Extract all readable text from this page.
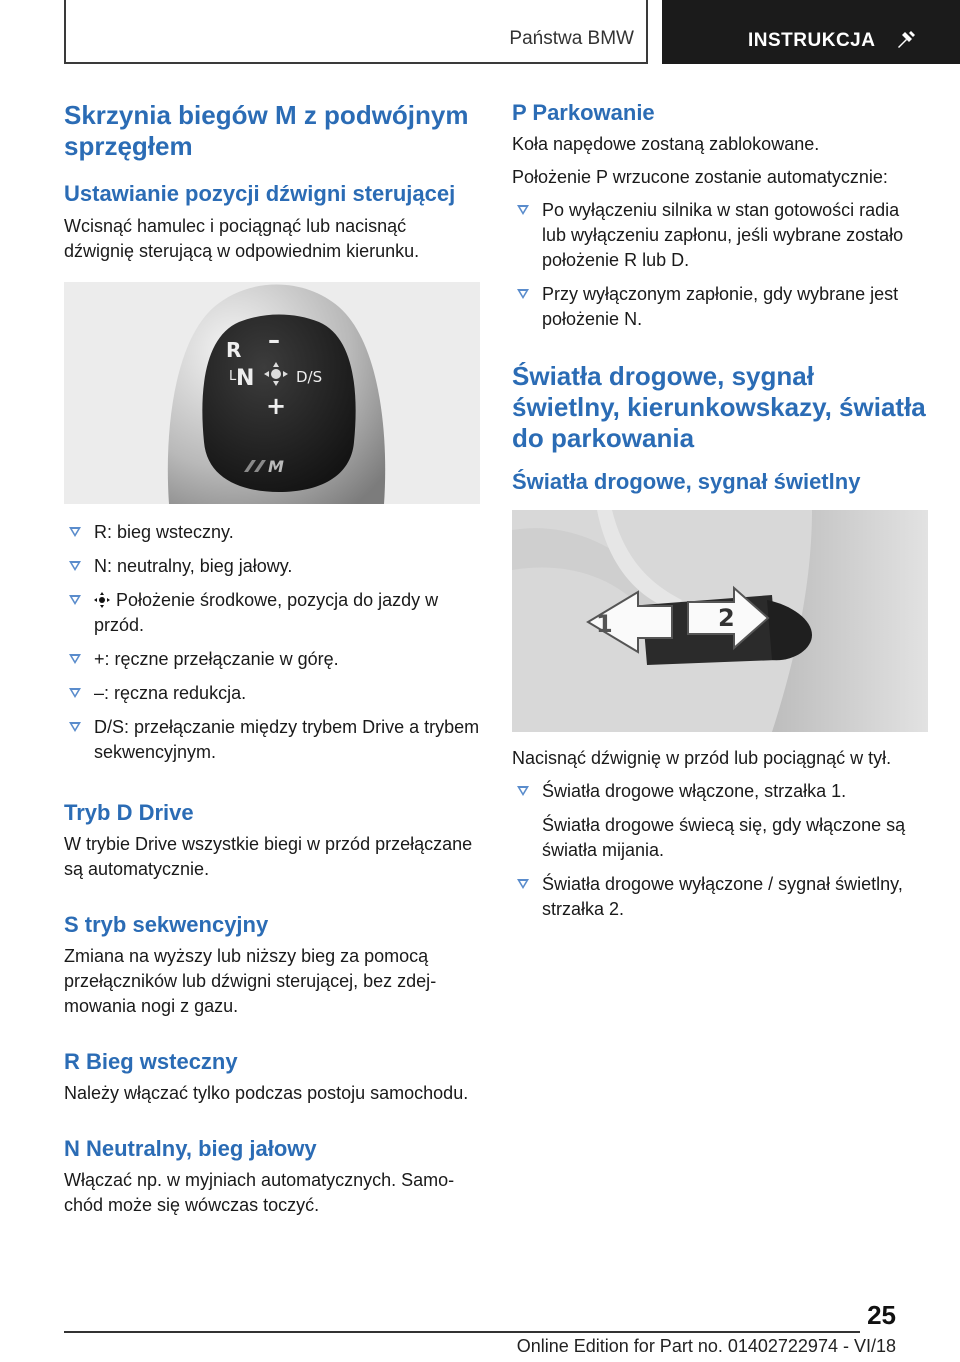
Państwa BMW	INSTRUKCJA
Skrzynia biegów M z podwójnym sprzęgłem
Ustawianie pozycji dźwigni sterującej

Wcisnąć hamulec i pociągnąć lub nacisnąć dźwignię sterującą w odpowiednim kierunku.

R –
L N	D/S
+
M
R: bieg wsteczny.
N: neutralny, bieg jałowy.
Położenie środkowe, pozycja do jazdy w przód.
+: ręczne przełączanie w górę.
–: ręczna redukcja.
D/S: przełączanie między trybem Drive a trybem sekwencyjnym.
Tryb D Drive

W trybie Drive wszystkie biegi w przód przełączane są automatycznie.

S tryb sekwencyjny

Zmiana na wyższy lub niższy bieg za pomocą przełączników lub dźwigni sterującej, bez zdejmowania nogi z gazu.

R Bieg wsteczny

Należy włączać tylko podczas postoju samochodu.

N Neutralny, bieg jałowy

Włączać np. w myjniach automatycznych. Samochód może się wówczas toczyć.

P Parkowanie

Koła napędowe zostaną zablokowane.

Położenie P wrzucone zostanie automatycznie:

Po wyłączeniu silnika w stan gotowości radia lub wyłączeniu zapłonu, jeśli wybrane zostało położenie R lub D.
Przy wyłączonym zapłonie, gdy wybrane jest położenie N.
Światła drogowe, sygnał świetlny, kierunkowskazy, światła do parkowania
Światła drogowe, sygnał świetlny
1	2

Nacisnąć dźwignię w przód lub pociągnąć w tył.

Światła drogowe włączone, strzałka 1.
Światła drogowe świecą się, gdy włączone są światła mijania.
Światła drogowe wyłączone / sygnał świetlny, strzałka 2.
25
Online Edition for Part no. 01402722974 - VI/18
